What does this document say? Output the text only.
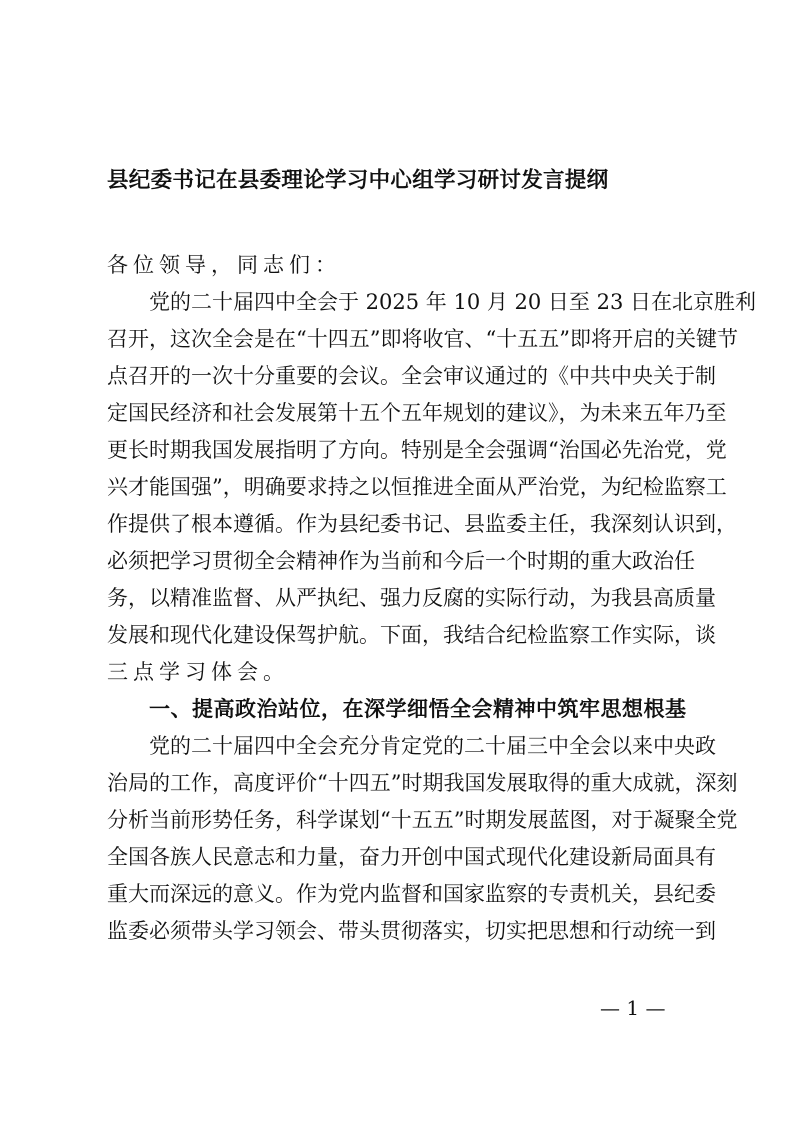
县纪委书记在县委理论学习中心组学习研讨发言提纲
各位领导，同志们：
党的二十届四中全会于 2025 年 10 月 20 日至 23 日在北京胜利
召开，这次全会是在“十四五”即将收官、“十五五”即将开启的关键节
点召开的一次十分重要的会议。全会审议通过的《中共中央关于制
定国民经济和社会发展第十五个五年规划的建议》，为未来五年乃至
更长时期我国发展指明了方向。特别是全会强调“治国必先治党，党
兴才能国强”，明确要求持之以恒推进全面从严治党，为纪检监察工
作提供了根本遵循。作为县纪委书记、县监委主任，我深刻认识到，
必须把学习贯彻全会精神作为当前和今后一个时期的重大政治任
务，以精准监督、从严执纪、强力反腐的实际行动，为我县高质量
发展和现代化建设保驾护航。下面，我结合纪检监察工作实际，谈
三点学习体会。
一、提高政治站位，在深学细悟全会精神中筑牢思想根基
党的二十届四中全会充分肯定党的二十届三中全会以来中央政
治局的工作，高度评价“十四五”时期我国发展取得的重大成就，深刻
分析当前形势任务，科学谋划“十五五”时期发展蓝图，对于凝聚全党
全国各族人民意志和力量，奋力开创中国式现代化建设新局面具有
重大而深远的意义。作为党内监督和国家监察的专责机关，县纪委
监委必须带头学习领会、带头贯彻落实，切实把思想和行动统一到
— 1 —
